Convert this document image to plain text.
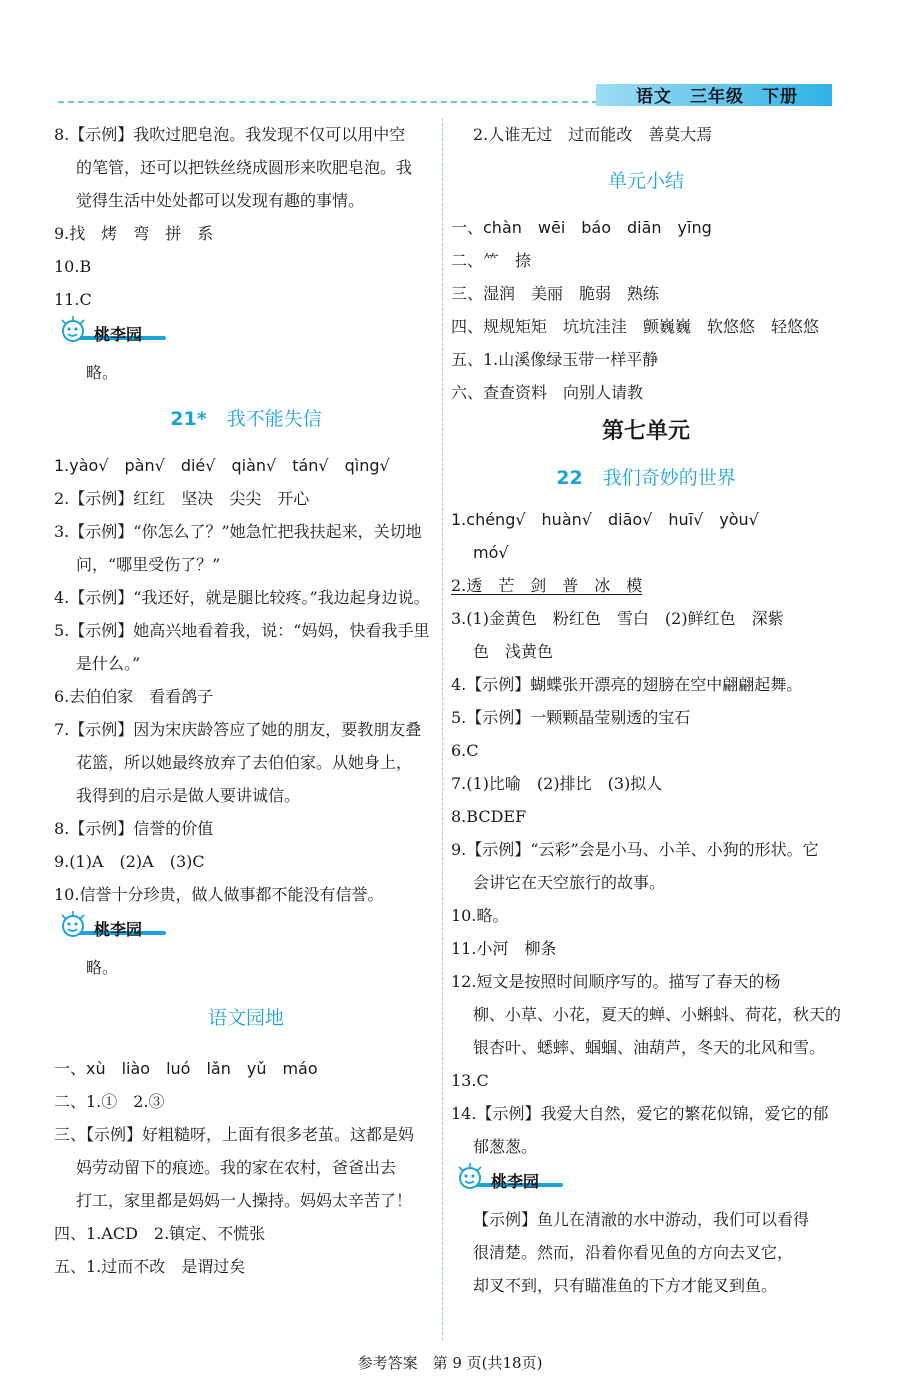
语文　 三年级　 下册
8.【示例】我吹过肥皂泡。我发现不仅可以用中空
的笔管，还可以把铁丝绕成圆形来吹肥皂泡。我
觉得生活中处处都可以发现有趣的事情。
9.找　烤　弯　拼　系
10.B
11.C
桃李园
略。
21* 我不能失信
1.yào√　pàn√　dié√　qiàn√　tán√　qìng√
2.【示例】红红　坚决　尖尖　开心
3.【示例】“你怎么了？”她急忙把我扶起来，关切地
问，“哪里受伤了？”
4.【示例】“我还好，就是腿比较疼。”我边起身边说。
5.【示例】她高兴地看着我，说：“妈妈，快看我手里
是什么。”
6.去伯伯家　看看鸽子
7.【示例】因为宋庆龄答应了她的朋友，要教朋友叠
花篮，所以她最终放弃了去伯伯家。从她身上，
我得到的启示是做人要讲诚信。
8.【示例】信誉的价值
9.(1)A　(2)A　(3)C
10.信誉十分珍贵，做人做事都不能没有信誉。
桃李园
略。
语文园地
一、xù　liào　luó　lǎn　yǔ　máo
二、1.①　2.③
三、【示例】好粗糙呀，上面有很多老茧。这都是妈
妈劳动留下的痕迹。我的家在农村，爸爸出去
打工，家里都是妈妈一人操持。妈妈太辛苦了！
四、1.ACD　2.镇定、不慌张
五、1.过而不改　是谓过矣
2.人谁无过　过而能改　善莫大焉
单元小结
一、chàn　wēi　báo　diān　yīng
二、⺮　捺
三、湿润　美丽　脆弱　熟练
四、规规矩矩　坑坑洼洼　颤巍巍　软悠悠　轻悠悠
五、1.山溪像绿玉带一样平静
六、查查资料　向别人请教
第七单元
22 我们奇妙的世界
1.chéng√　huàn√　diāo√　huī√　yòu√
mó√
2.透　芒　剑　普　冰　模
3.(1)金黄色　粉红色　雪白　(2)鲜红色　深紫
色　浅黄色
4.【示例】蝴蝶张开漂亮的翅膀在空中翩翩起舞。
5.【示例】一颗颗晶莹剔透的宝石
6.C
7.(1)比喻　(2)排比　(3)拟人
8.BCDEF
9.【示例】“云彩”会是小马、小羊、小狗的形状。它
会讲它在天空旅行的故事。
10.略。
11.小河　柳条
12.短文是按照时间顺序写的。描写了春天的杨
柳、小草、小花，夏天的蝉、小蝌蚪、荷花，秋天的
银杏叶、蟋蟀、蝈蝈、油葫芦，冬天的北风和雪。
13.C
14.【示例】我爱大自然，爱它的繁花似锦，爱它的郁
郁葱葱。
桃李园
【示例】鱼儿在清澈的水中游动，我们可以看得
很清楚。然而，沿着你看见鱼的方向去叉它，
却叉不到，只有瞄准鱼的下方才能叉到鱼。
参考答案　第 9 页(共18页)
